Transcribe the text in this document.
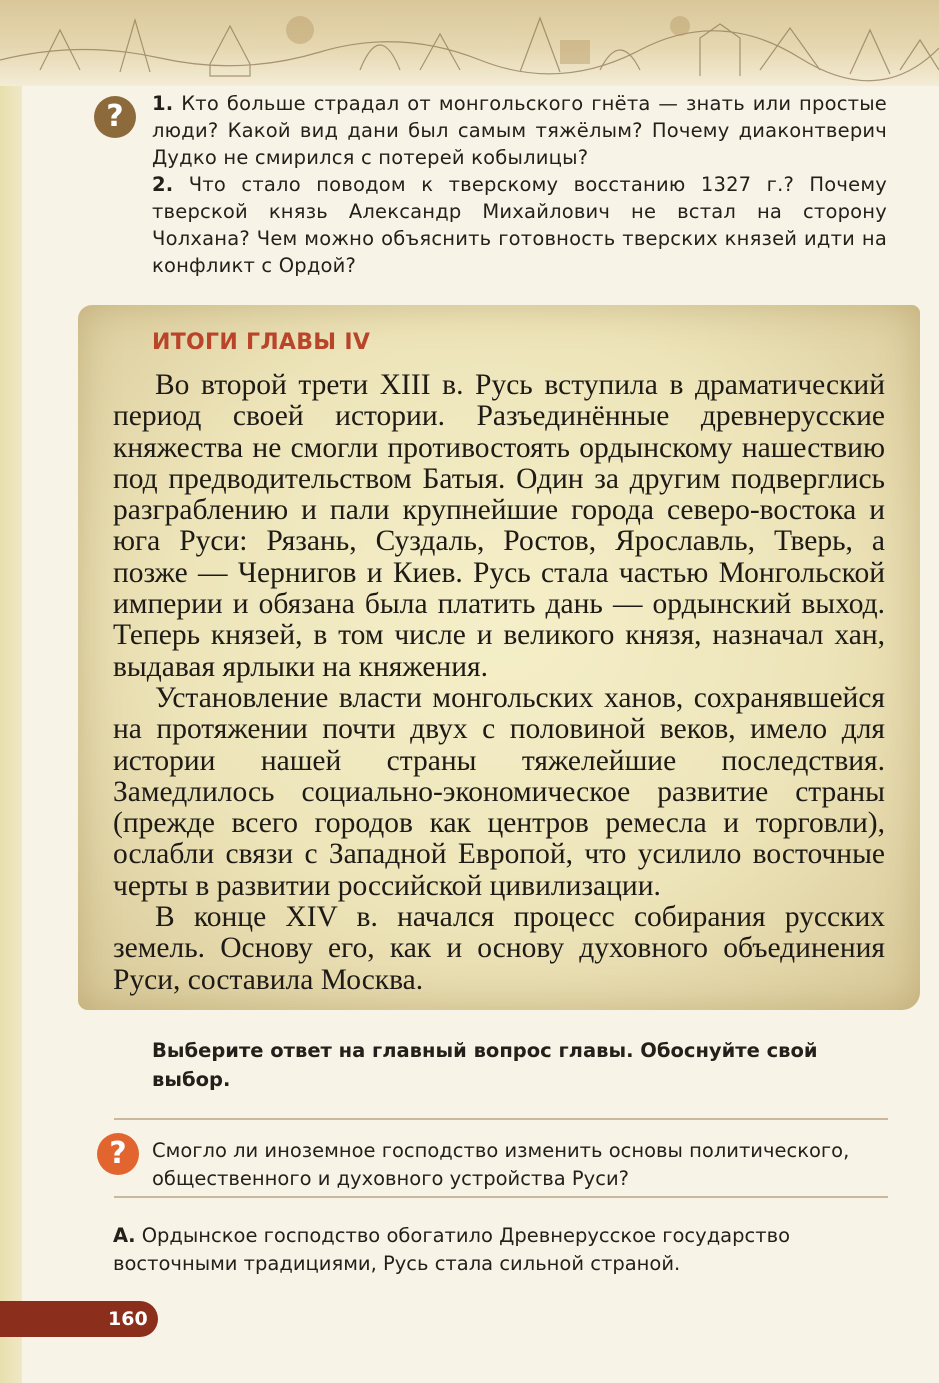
?	1. Кто больше страдал от монгольского гнёта — знать или простые люди? Какой вид дани был самым тяжёлым? Почему диаконтверич Дудко не смирился с потерей кобылицы?

2. Что стало поводом к тверскому восстанию 1327 г.? Почему тверской князь Александр Михайлович не встал на сторону Чолхана? Чем можно объяснить готовность тверских князей идти на конфликт с Ордой?

ИТОГИ ГЛАВЫ IV

Во второй трети XIII в. Русь вступила в драматический период своей истории. Разъединённые древнерусские княжества не смогли противостоять ордынскому нашествию под предводительством Батыя. Один за другим подверглись разграблению и пали крупнейшие города северо-востока и юга Руси: Рязань, Суздаль, Ростов, Ярославль, Тверь, а позже — Чернигов и Киев. Русь стала частью Монгольской империи и обязана была платить дань — ордынский выход. Теперь князей, в том числе и великого князя, назначал хан, выдавая ярлыки на княжения.

Установление власти монгольских ханов, сохранявшейся на протяжении почти двух с половиной веков, имело для истории нашей страны тяжелейшие последствия. Замедлилось социально-экономическое развитие страны (прежде всего городов как центров ремесла и торговли), ослабли связи с Западной Европой, что усилило восточные черты в развитии российской цивилизации.

В конце XIV в. начался процесс собирания русских земель. Основу его, как и основу духовного объединения Руси, составила Москва.

Выберите ответ на главный вопрос главы. Обоснуйте свой выбор.
?	Смогло ли иноземное господство изменить основы политического, общественного и духовного устройства Руси?
А. Ордынское господство обогатило Древнерусское государство восточными традициями, Русь стала сильной страной.
160
